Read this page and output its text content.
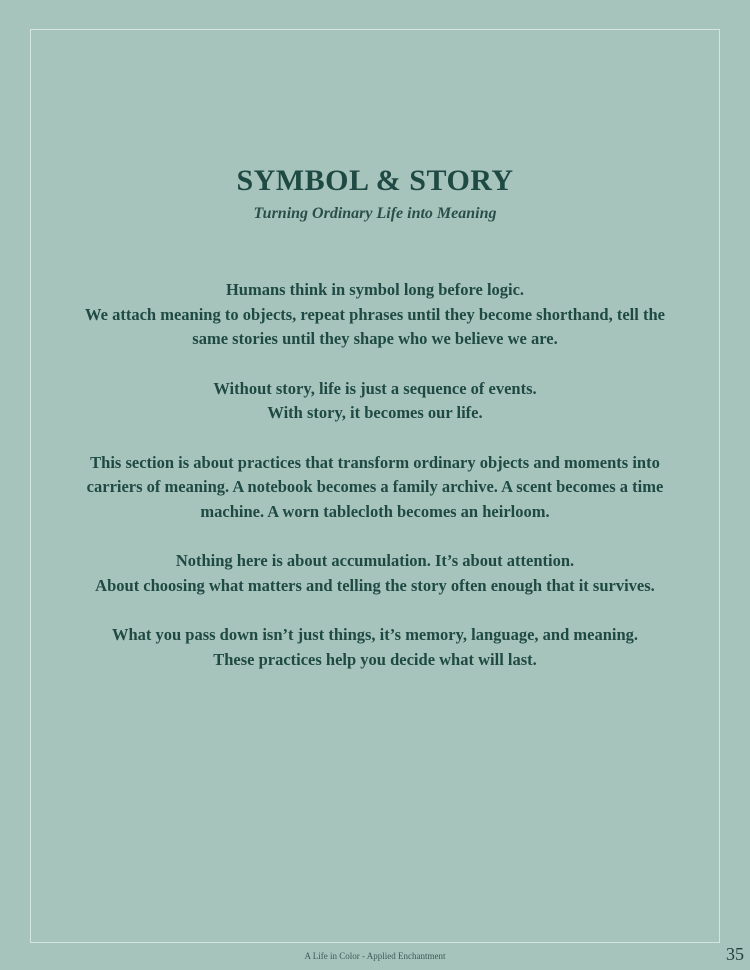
SYMBOL & STORY

Turning Ordinary Life into Meaning

Humans think in symbol long before logic.
We attach meaning to objects, repeat phrases until they become shorthand, tell the
same stories until they shape who we believe we are.

Without story, life is just a sequence of events.
With story, it becomes our life.

This section is about practices that transform ordinary objects and moments into
carriers of meaning. A notebook becomes a family archive. A scent becomes a time
machine. A worn tablecloth becomes an heirloom.

Nothing here is about accumulation. It’s about attention.
About choosing what matters and telling the story often enough that it survives.

What you pass down isn’t just things, it’s memory, language, and meaning.
These practices help you decide what will last.

A Life in Color - Applied Enchantment	35
